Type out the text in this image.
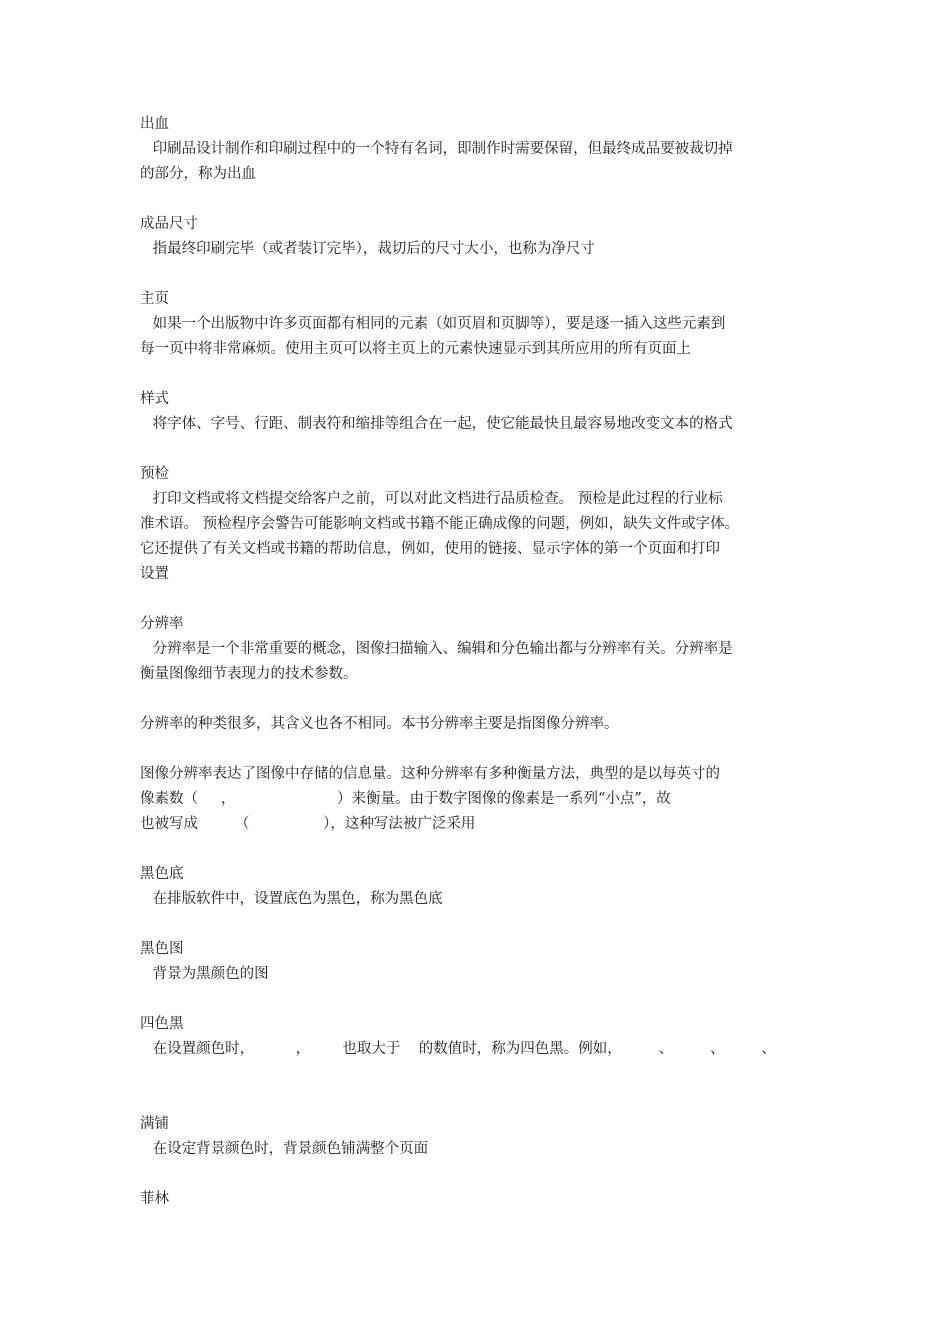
出血
印刷品设计制作和印刷过程中的一个特有名词，即制作时需要保留，但最终成品要被裁切掉
的部分，称为出血
成品尺寸
指最终印刷完毕（或者装订完毕），裁切后的尺寸大小，也称为净尺寸
主页
如果一个出版物中许多页面都有相同的元素（如页眉和页脚等），要是逐一插入这些元素到
每一页中将非常麻烦。使用主页可以将主页上的元素快速显示到其所应用的所有页面上
样式
将字体、字号、行距、制表符和缩排等组合在一起，使它能最快且最容易地改变文本的格式
预检
打印文档或将文档提交给客户之前，可以对此文档进行品质检查。 预检是此过程的行业标
准术语。 预检程序会警告可能影响文档或书籍不能正确成像的问题，例如，缺失文件或字体。
它还提供了有关文档或书籍的帮助信息，例如，使用的链接、显示字体的第一个页面和打印
设置
分辨率
分辨率是一个非常重要的概念，图像扫描输入、编辑和分色输出都与分辨率有关。分辨率是
衡量图像细节表现力的技术参数。
分辨率的种类很多，其含义也各不相同。本书分辨率主要是指图像分辨率。
图像分辨率表达了图像中存储的信息量。这种分辨率有多种衡量方法，典型的是以每英寸的
像素数（     ，                      ）来衡量。由于数字图像的像素是一系列“小点”，故
也被写成        （                ），这种写法被广泛采用
黑色底
在排版软件中，设置底色为黑色，称为黑色底
黑色图
背景为黑颜色的图
四色黑
在设置颜色时，         ，       也取大于    的数值时，称为四色黑。例如，        、        、        、
满铺
在设定背景颜色时，背景颜色铺满整个页面
菲林
